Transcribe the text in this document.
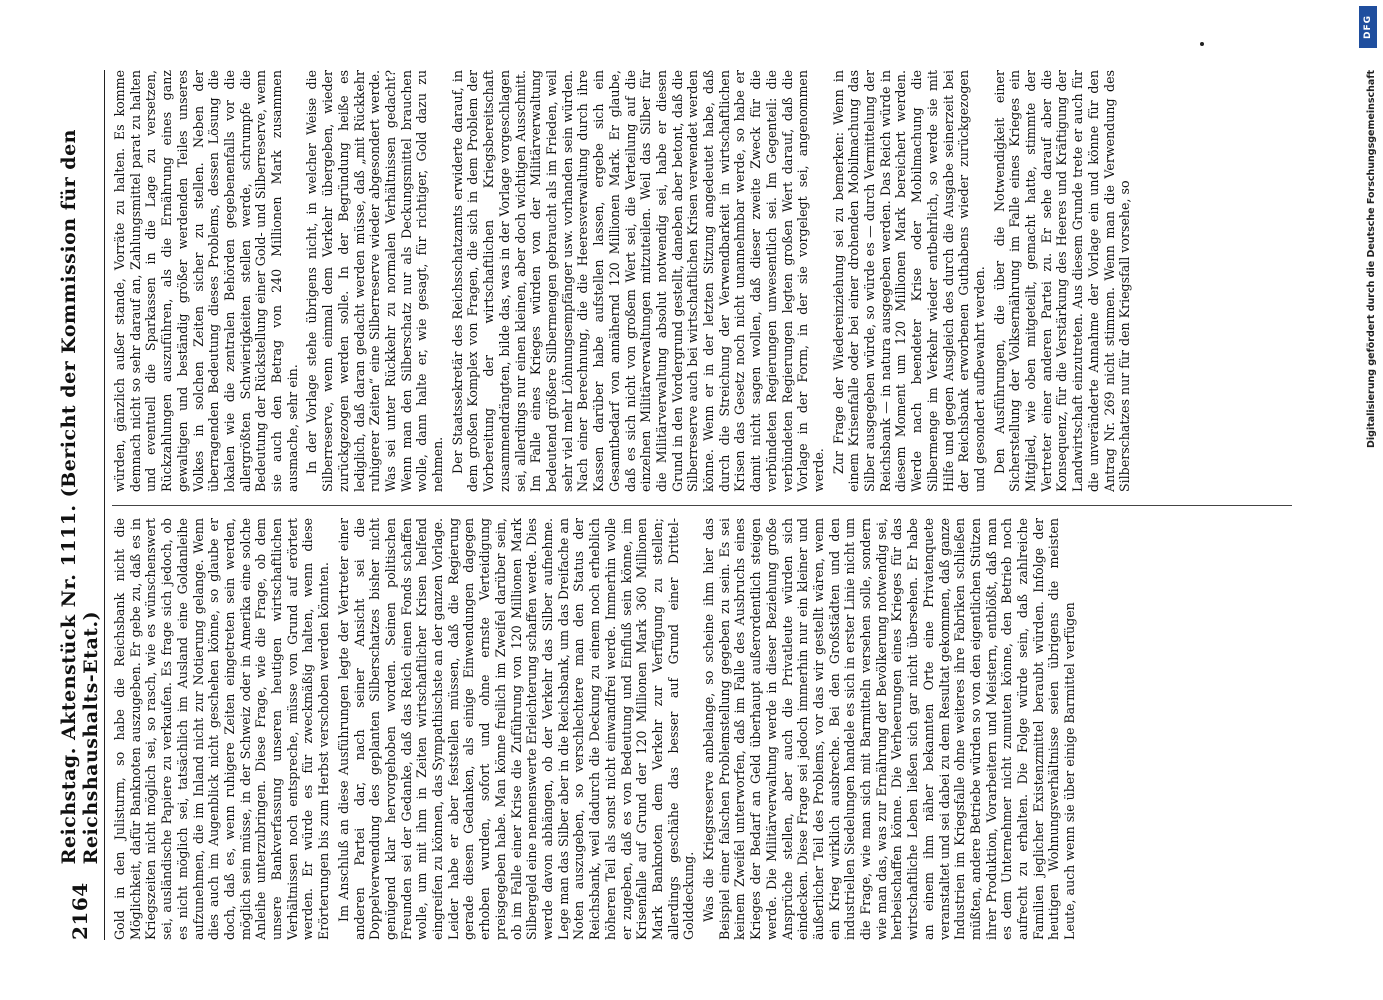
2164
Reichstag. Aktenstück Nr. 1111. (Bericht der Kommission für den Reichshaushalts-Etat.) Gold in den Julisturm, so habe die Reichsbank nicht die Möglichkeit, dafür Banknoten auszugeben. Er gebe zu, daß es in Kriegszeiten nicht möglich sei, so rasch, wie es wünschenswert sei, ausländische Papiere zu verkaufen. Es frage sich jedoch, ob es nicht möglich sei, tatsächlich im Ausland eine Goldanleihe aufzunehmen, die im Inland nicht zur Notierung gelange. Wenn dies auch im Augenblick nicht geschehen könne, so glaube er doch, daß es, wenn ruhigere Zeiten eingetreten sein werden, möglich sein müsse, in der Schweiz oder in Amerika eine solche Anleihe unterzubringen. Diese Frage, wie die Frage, ob dem unsere Bankverfassung unseren heutigen wirtschaftlichen Verhältnissen noch entspreche, müsse von Grund auf erörtert werden. Er würde es für zweckmäßig halten, wenn diese Erörterungen bis zum Herbst verschoben werden könnten. Im Anschluß an diese Ausführungen legte der Vertreter einer anderen Partei dar, nach seiner Ansicht sei die Doppelverwendung des geplanten Silberschatzes bisher nicht genügend klar hervorgehoben worden. Seinen politischen Freunden sei der Gedanke, daß das Reich einen Fonds schaffen wolle, um mit ihm in Zeiten wirtschaftlicher Krisen helfend eingreifen zu können, das Sympathischste an der ganzen Vorlage. Leider habe er aber feststellen müssen, daß die Regierung gerade diesen Gedanken, als einige Einwendungen dagegen erhoben wurden, sofort und ohne ernste Verteidigung preisgegeben habe. Man könne freilich im Zweifel darüber sein, ob im Falle einer Krise die Zuführung von 120 Millionen Mark Silbergeld eine nennenswerte Erleichterung schaffen werde. Dies werde davon abhängen, ob der Verkehr das Silber aufnehme. Lege man das Silber aber in die Reichsbank, um das Dreifache an Noten auszugeben, so verschlechtere man den Status der Reichsbank, weil dadurch die Deckung zu einem noch erheblich höheren Teil als sonst nicht einwandfrei werde. Immerhin wolle er zugeben, daß es von Bedeutung und Einfluß sein könne, im Krisenfalle auf Grund der 120 Millionen Mark 360 Millionen Mark Banknoten dem Verkehr zur Verfügung zu stellen; allerdings geschähe das besser auf Grund einer Drittel-Golddeckung. Was die Kriegsreserve anbelange, so scheine ihm hier das Beispiel einer falschen Problemstellung gegeben zu sein. Es sei keinem Zweifel unterworfen, daß im Falle des Ausbruchs eines Krieges der Bedarf an Geld überhaupt außerordentlich steigen werde. Die Militärverwaltung werde in dieser Beziehung große Ansprüche stellen, aber auch die Privatleute würden sich eindecken. Diese Frage sei jedoch immerhin nur ein kleiner und äußerlicher Teil des Problems, vor das wir gestellt wären, wenn ein Krieg wirklich ausbreche. Bei den Großstädten und den industriellen Siedelungen handele es sich in erster Linie nicht um die Frage, wie man sich mit Barmitteln versehen solle, sondern wie man das, was zur Ernährung der Bevölkerung notwendig sei, herbeischaffen könne. Die Verheerungen eines Krieges für das wirtschaftliche Leben ließen sich gar nicht übersehen. Er habe an einem ihm näher bekannten Orte eine Privatenquete veranstaltet und sei dabei zu dem Resultat gekommen, daß ganze Industrien im Kriegsfalle ohne weiteres ihre Fabriken schließen müßten, andere Betriebe würden so von den eigentlichen Stützen ihrer Produktion, Vorarbeitern und Meistern, entblößt, daß man es dem Unternehmer nicht zumuten könne, den Betrieb noch aufrecht zu erhalten. Die Folge würde sein, daß zahlreiche Familien jeglicher Existenzmittel beraubt würden. Infolge der heutigen Wohnungsverhältnisse seien übrigens die meisten Leute, auch wenn sie über einige Barmittel verfügen

würden, gänzlich außer stande, Vorräte zu halten. Es komme demnach nicht so sehr darauf an, Zahlungsmittel parat zu halten und eventuell die Sparkassen in die Lage zu versetzen, Rückzahlungen auszuführen, als die Ernährung eines ganz gewaltigen und beständig größer werdenden Teiles unseres Volkes in solchen Zeiten sicher zu stellen. Neben der überragenden Bedeutung dieses Problems, dessen Lösung die lokalen wie die zentralen Behörden gegebenenfalls vor die allergrößten Schwierigkeiten stellen werde, schrumpfe die Bedeutung der Rückstellung einer Gold- und Silberreserve, wenn sie auch den Betrag von 240 Millionen Mark zusammen ausmache, sehr ein. In der Vorlage stehe übrigens nicht, in welcher Weise die Silberreserve, wenn einmal dem Verkehr übergeben, wieder zurückgezogen werden solle. In der Begründung heiße es lediglich, daß daran gedacht werden müsse, daß „mit Rückkehr ruhigerer Zeiten“ eine Silberreserve wieder abgesondert werde. Was sei unter Rückkehr zu normalen Verhältnissen gedacht? Wenn man den Silberschatz nur als Deckungsmittel brauchen wolle, dann halte er, wie gesagt, für richtiger, Gold dazu zu nehmen. Der Staatssekretär des Reichsschatzamts erwiderte darauf, in dem großen Komplex von Fragen, die sich in dem Problem der Vorbereitung der wirtschaftlichen Kriegsbereitschaft zusammendrängten, bilde das, was in der Vorlage vorgeschlagen sei, allerdings nur einen kleinen, aber doch wichtigen Ausschnitt. Im Falle eines Krieges würden von der Militärverwaltung bedeutend größere Silbermengen gebraucht als im Frieden, weil sehr viel mehr Löhnungsempfänger usw. vorhanden sein würden. Nach einer Berechnung, die die Heeresverwaltung durch ihre Kassen darüber habe aufstellen lassen, ergebe sich ein Gesamtbedarf von annähernd 120 Millionen Mark. Er glaube, daß es sich nicht von großem Wert sei, die Verteilung auf die einzelnen Militärverwaltungen mitzuteilen. Weil das Silber für die Militärverwaltung absolut notwendig sei, habe er diesen Grund in den Vordergrund gestellt, daneben aber betont, daß die Silberreserve auch bei wirtschaftlichen Krisen verwendet werden könne. Wenn er in der letzten Sitzung angedeutet habe, daß durch die Streichung der Verwendbarkeit in wirtschaftlichen Krisen das Gesetz noch nicht unannehmbar werde, so habe er damit nicht sagen wollen, daß dieser zweite Zweck für die verbündeten Regierungen unwesentlich sei. Im Gegenteil: die verbündeten Regierungen legten großen Wert darauf, daß die Vorlage in der Form, in der sie vorgelegt sei, angenommen werde. Zur Frage der Wiedereinziehung sei zu bemerken: Wenn in einem Krisenfalle oder bei einer drohenden Mobilmachung das Silber ausgegeben würde, so würde es — durch Vermittelung der Reichsbank — in natura ausgegeben werden. Das Reich würde in diesem Moment um 120 Millionen Mark bereichert werden. Werde nach beendeter Krise oder Mobilmachung die Silbermenge im Verkehr wieder entbehrlich, so werde sie mit Hilfe und gegen Ausgleich des durch die Ausgabe seinerzeit bei der Reichsbank erworbenen Guthabens wieder zurückgezogen und gesondert aufbewahrt werden. Den Ausführungen, die über die Notwendigkeit einer Sicherstellung der Volksernährung im Falle eines Krieges ein Mitglied, wie oben mitgeteilt, gemacht hatte, stimmte der Vertreter einer anderen Partei zu. Er sehe darauf aber die Konsequenz, für die Verstärkung des Heeres und Kräftigung der Landwirtschaft einzutreten. Aus diesem Grunde trete er auch für die unveränderte Annahme der Vorlage ein und könne für den Antrag Nr. 269 nicht stimmen. Wenn man die Verwendung des Silberschatzes nur für den Kriegsfall vorsehe, so

DFG
Digitalisierung gefördert durch die Deutsche Forschungsgemeinschaft
